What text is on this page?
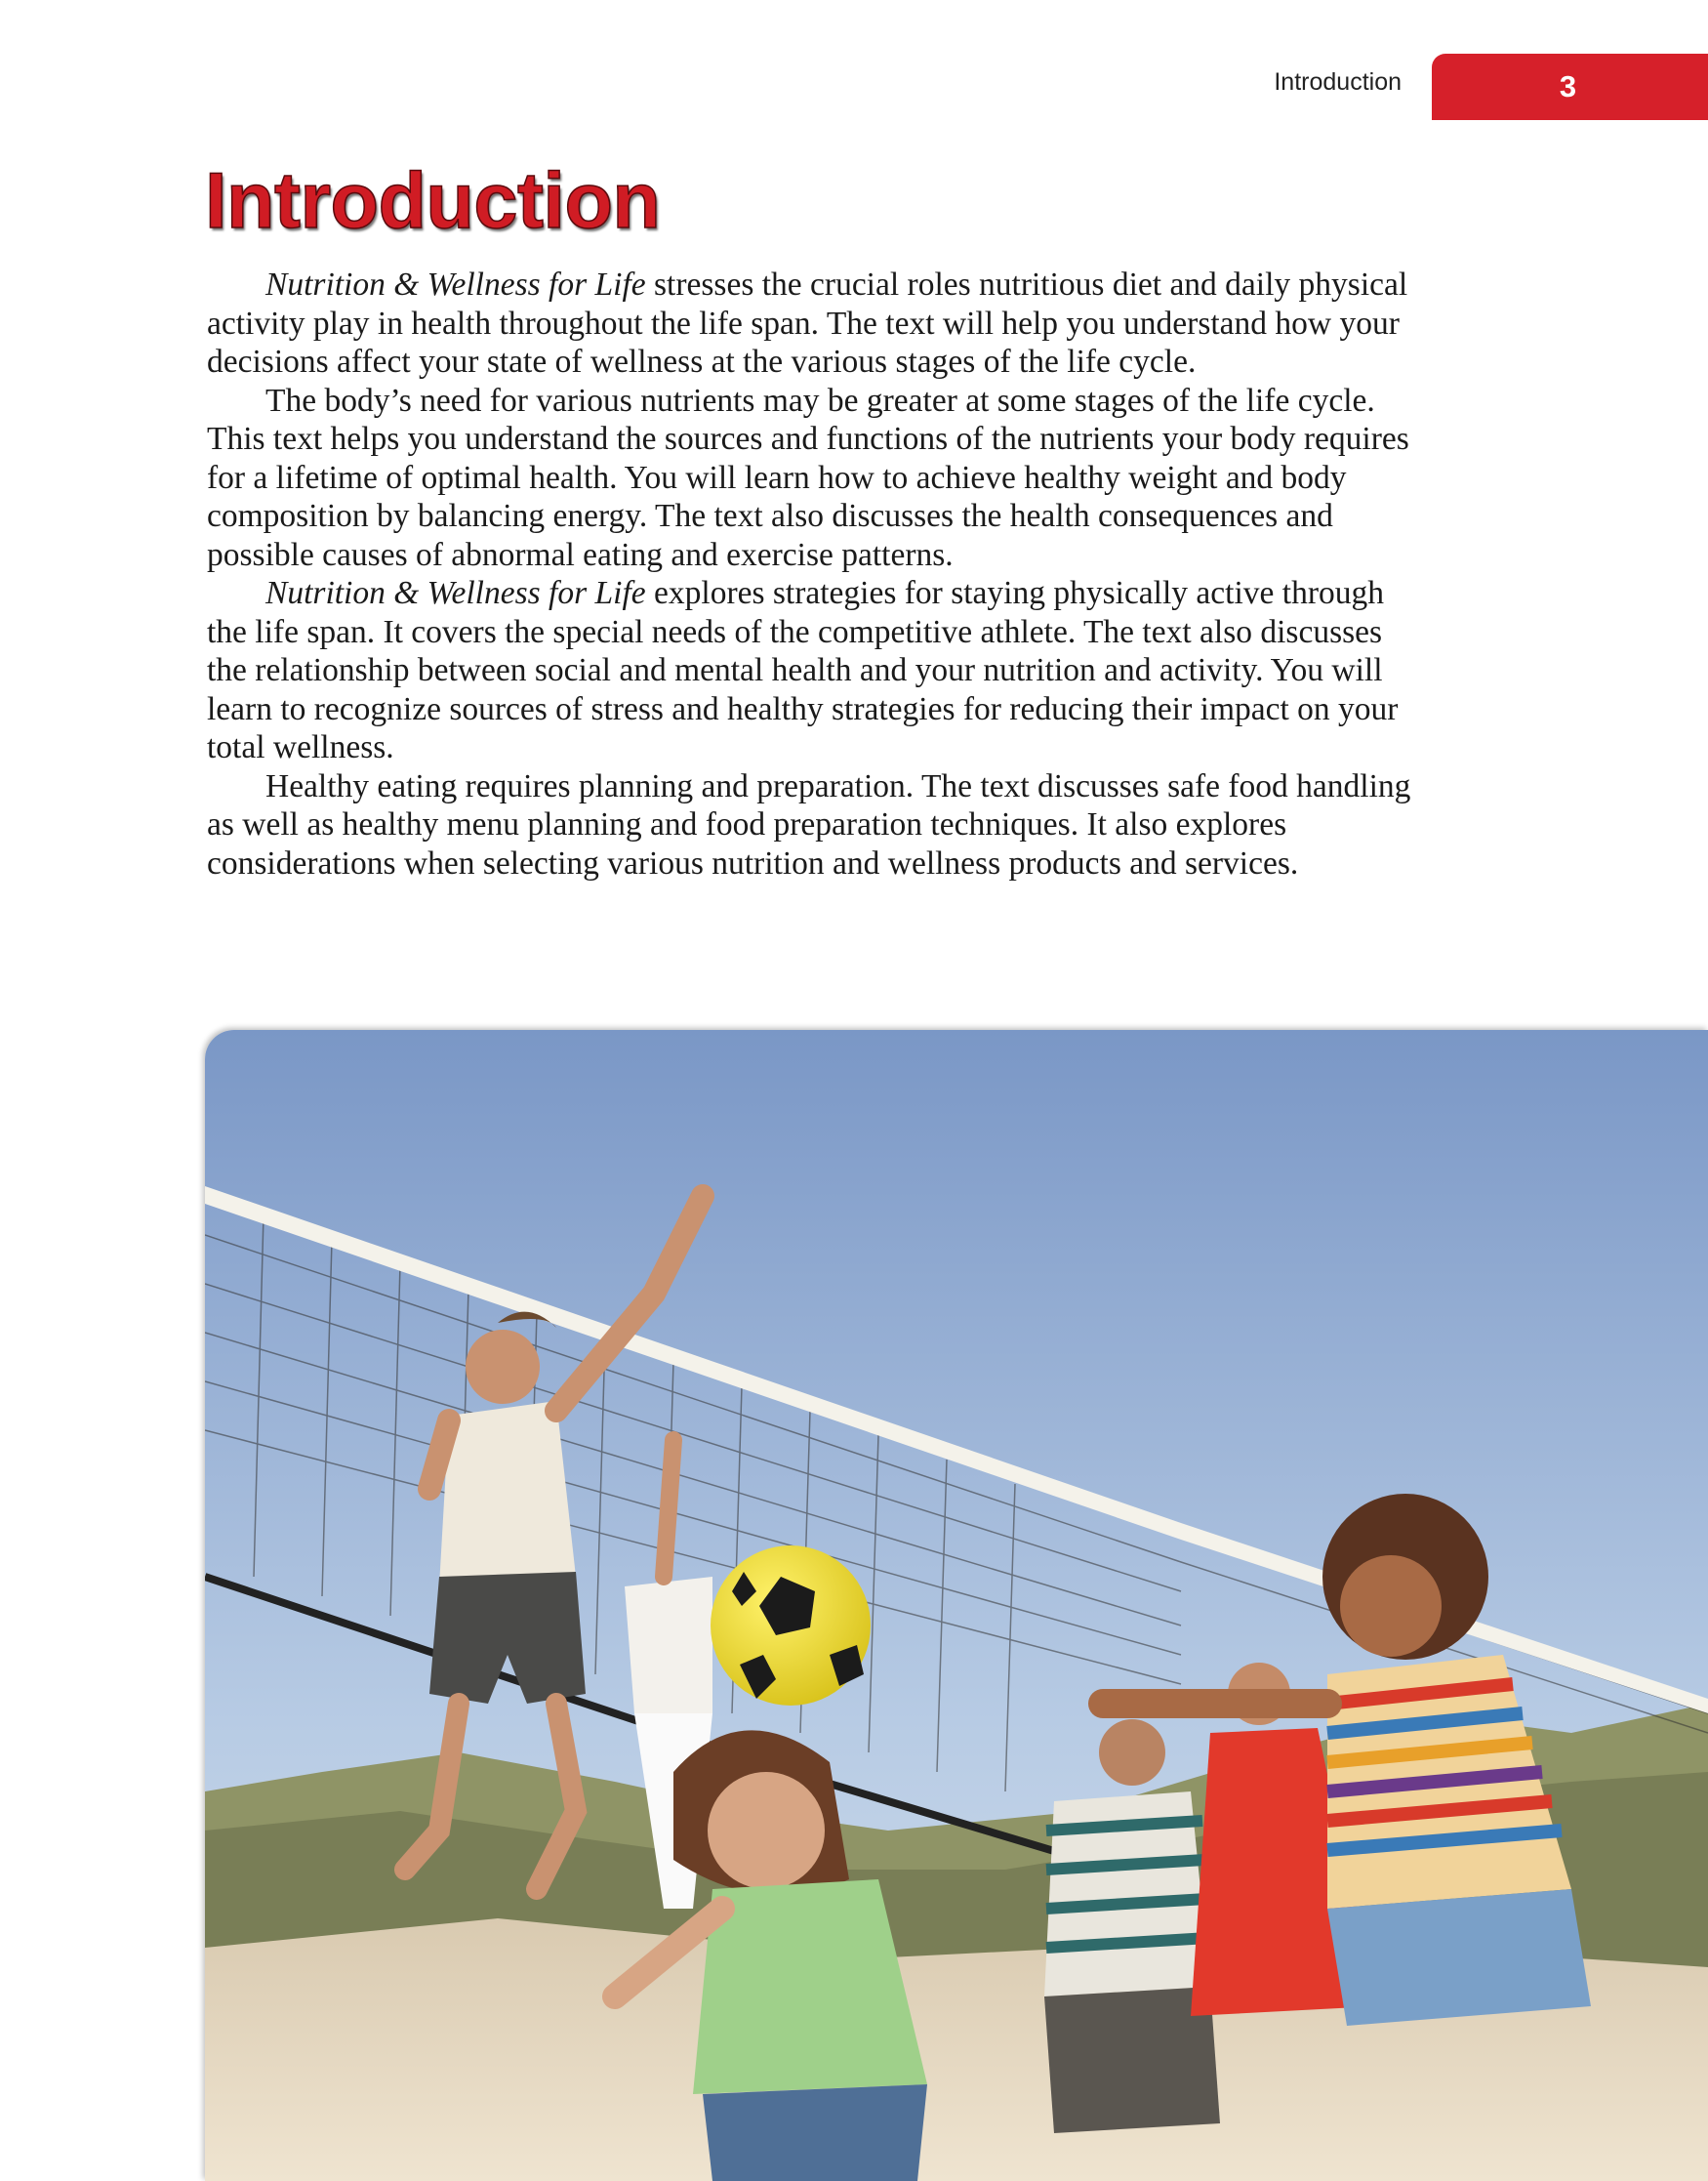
Introduction	3
Introduction

Nutrition & Wellness for Life stresses the crucial roles nutritious diet and daily physical activity play in health throughout the life span. The text will help you understand how your decisions affect your state of wellness at the various stages of the life cycle.

The body’s need for various nutrients may be greater at some stages of the life cycle. This text helps you understand the sources and functions of the nutrients your body requires for a lifetime of optimal health. You will learn how to achieve healthy weight and body composition by balancing energy. The text also discusses the health consequences and possible causes of abnormal eating and exercise patterns.

Nutrition & Wellness for Life explores strategies for staying physically active through the life span. It covers the special needs of the competitive athlete. The text also discusses the relationship between social and mental health and your nutrition and activity. You will learn to recognize sources of stress and healthy strategies for reducing their impact on your total wellness.

Healthy eating requires planning and preparation. The text discusses safe food handling as well as healthy menu planning and food preparation techniques. It also explores considerations when selecting various nutrition and wellness products and services.
